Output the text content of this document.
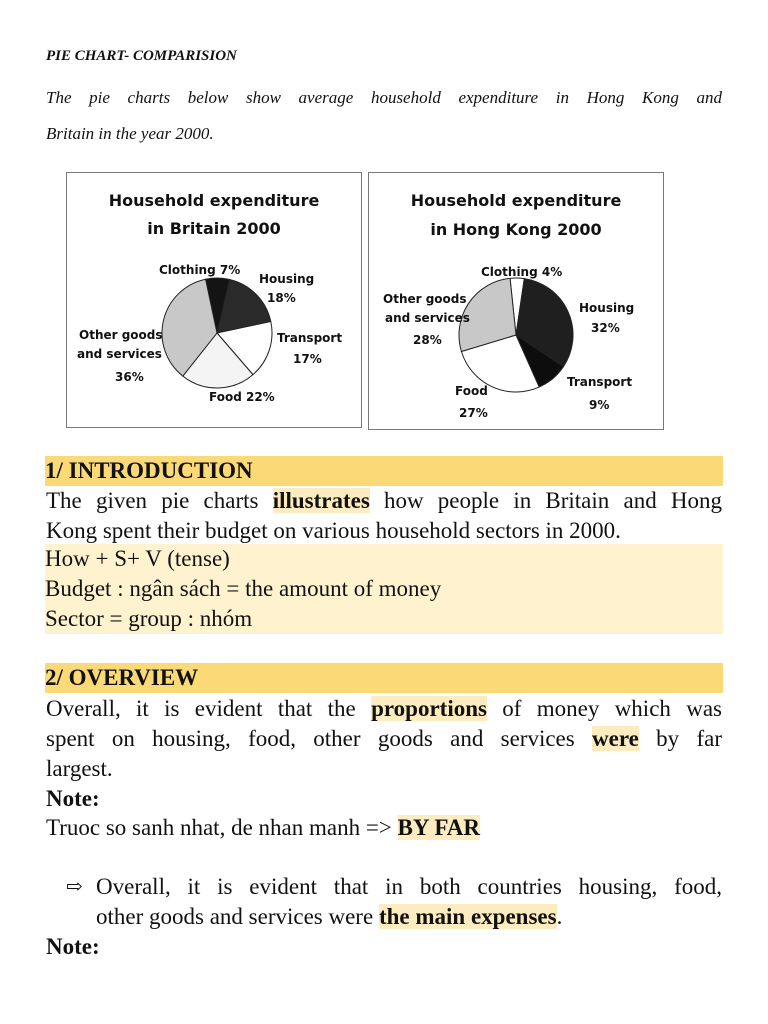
PIE CHART- COMPARISION
The pie charts below show average household expenditure in Hong Kong and
Britain in the year 2000.
Household expenditure
in Britain 2000
Clothing 7%
Housing
18%
Transport
17%
Food 22%
Other goods
and services
36%
Household expenditure
in Hong Kong 2000
Clothing 4%
Other goods
and services
28%
Housing
32%
Food
27%
Transport
9%
1/ INTRODUCTION
The given pie charts illustrates how people in Britain and Hong
Kong spent their budget on various household sectors in 2000.
How + S+ V (tense)
Budget : ngân sách = the amount of money
Sector = group : nhóm
2/ OVERVIEW
Overall, it is evident that the proportions of money which was
spent on housing, food, other goods and services were by far
largest.
Note:
Truoc so sanh nhat, de nhan manh => BY FAR
⇨ Overall, it is evident that in both countries housing, food,
other goods and services were the main expenses.
Note:
